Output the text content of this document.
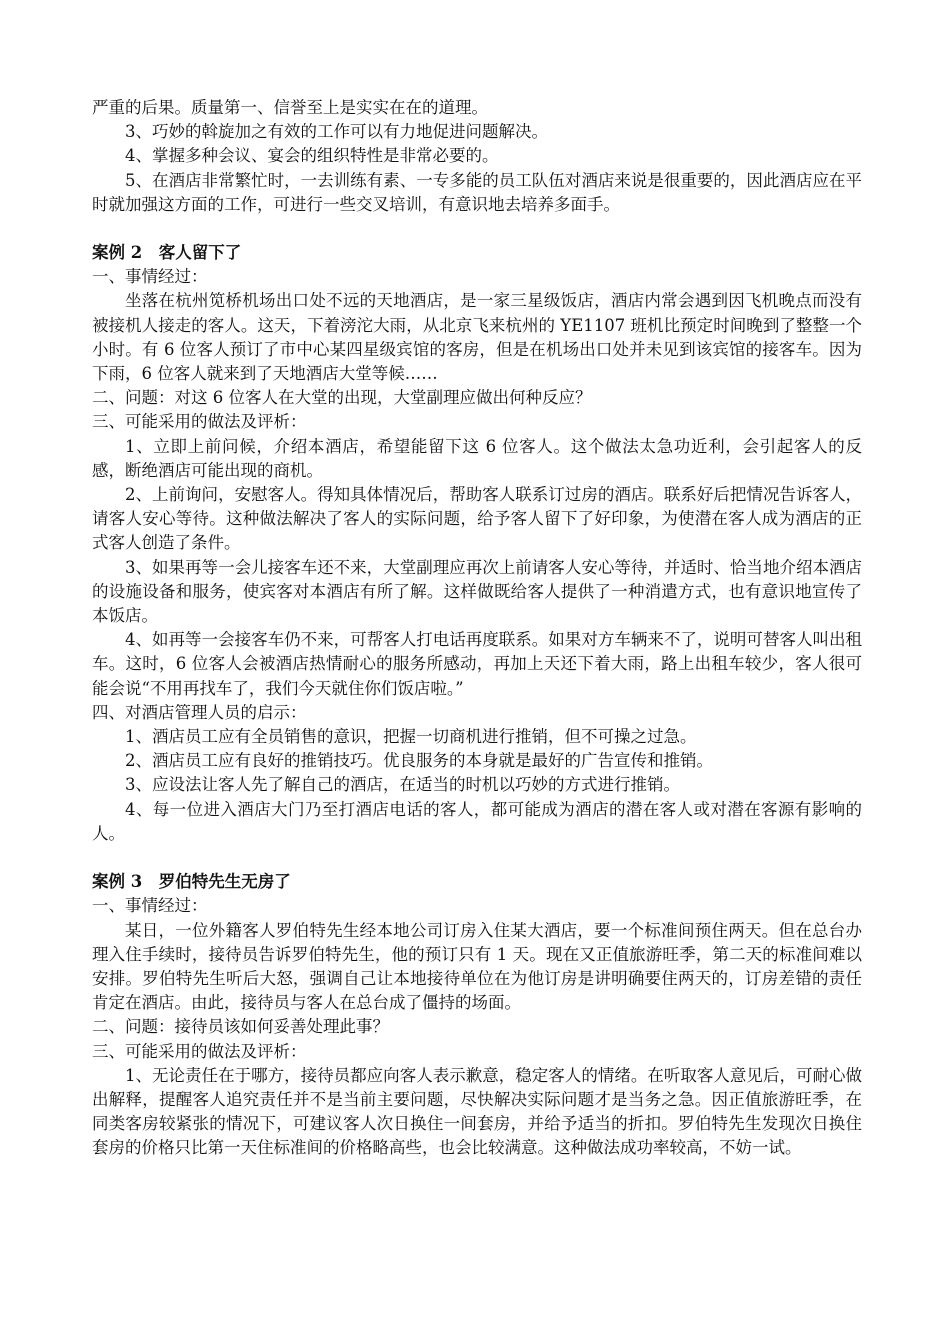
严重的后果。质量第一、信誉至上是实实在在的道理。

3、巧妙的斡旋加之有效的工作可以有力地促进问题解决。

4、掌握多种会议、宴会的组织特性是非常必要的。

5、在酒店非常繁忙时，一去训练有素、一专多能的员工队伍对酒店来说是很重要的，因此酒店应在平时就加强这方面的工作，可进行一些交叉培训，有意识地去培养多面手。

案例 2 客人留下了

一、事情经过：

坐落在杭州笕桥机场出口处不远的天地酒店，是一家三星级饭店，酒店内常会遇到因飞机晚点而没有被接机人接走的客人。这天，下着滂沱大雨，从北京飞来杭州的 YE1107 班机比预定时间晚到了整整一个小时。有 6 位客人预订了市中心某四星级宾馆的客房，但是在机场出口处并未见到该宾馆的接客车。因为下雨，6 位客人就来到了天地酒店大堂等候……

二、问题：对这 6 位客人在大堂的出现，大堂副理应做出何种反应？

三、可能采用的做法及评析：

1、立即上前问候，介绍本酒店，希望能留下这 6 位客人。这个做法太急功近利，会引起客人的反感，断绝酒店可能出现的商机。

2、上前询问，安慰客人。得知具体情况后，帮助客人联系订过房的酒店。联系好后把情况告诉客人，请客人安心等待。这种做法解决了客人的实际问题，给予客人留下了好印象，为使潜在客人成为酒店的正式客人创造了条件。

3、如果再等一会儿接客车还不来，大堂副理应再次上前请客人安心等待，并适时、恰当地介绍本酒店的设施设备和服务，使宾客对本酒店有所了解。这样做既给客人提供了一种消遣方式，也有意识地宣传了本饭店。

4、如再等一会接客车仍不来，可帮客人打电话再度联系。如果对方车辆来不了，说明可替客人叫出租车。这时，6 位客人会被酒店热情耐心的服务所感动，再加上天还下着大雨，路上出租车较少，客人很可能会说“不用再找车了，我们今天就住你们饭店啦。”

四、对酒店管理人员的启示：

1、酒店员工应有全员销售的意识，把握一切商机进行推销，但不可操之过急。

2、酒店员工应有良好的推销技巧。优良服务的本身就是最好的广告宣传和推销。

3、应设法让客人先了解自己的酒店，在适当的时机以巧妙的方式进行推销。

4、每一位进入酒店大门乃至打酒店电话的客人，都可能成为酒店的潜在客人或对潜在客源有影响的人。

案例 3 罗伯特先生无房了

一、事情经过：

某日，一位外籍客人罗伯特先生经本地公司订房入住某大酒店，要一个标准间预住两天。但在总台办理入住手续时，接待员告诉罗伯特先生，他的预订只有 1 天。现在又正值旅游旺季，第二天的标准间难以安排。罗伯特先生听后大怒，强调自己让本地接待单位在为他订房是讲明确要住两天的，订房差错的责任肯定在酒店。由此，接待员与客人在总台成了僵持的场面。

二、问题：接待员该如何妥善处理此事？

三、可能采用的做法及评析：

1、无论责任在于哪方，接待员都应向客人表示歉意，稳定客人的情绪。在听取客人意见后，可耐心做出解释，提醒客人追究责任并不是当前主要问题，尽快解决实际问题才是当务之急。因正值旅游旺季，在同类客房较紧张的情况下，可建议客人次日换住一间套房，并给予适当的折扣。罗伯特先生发现次日换住套房的价格只比第一天住标准间的价格略高些，也会比较满意。这种做法成功率较高，不妨一试。
